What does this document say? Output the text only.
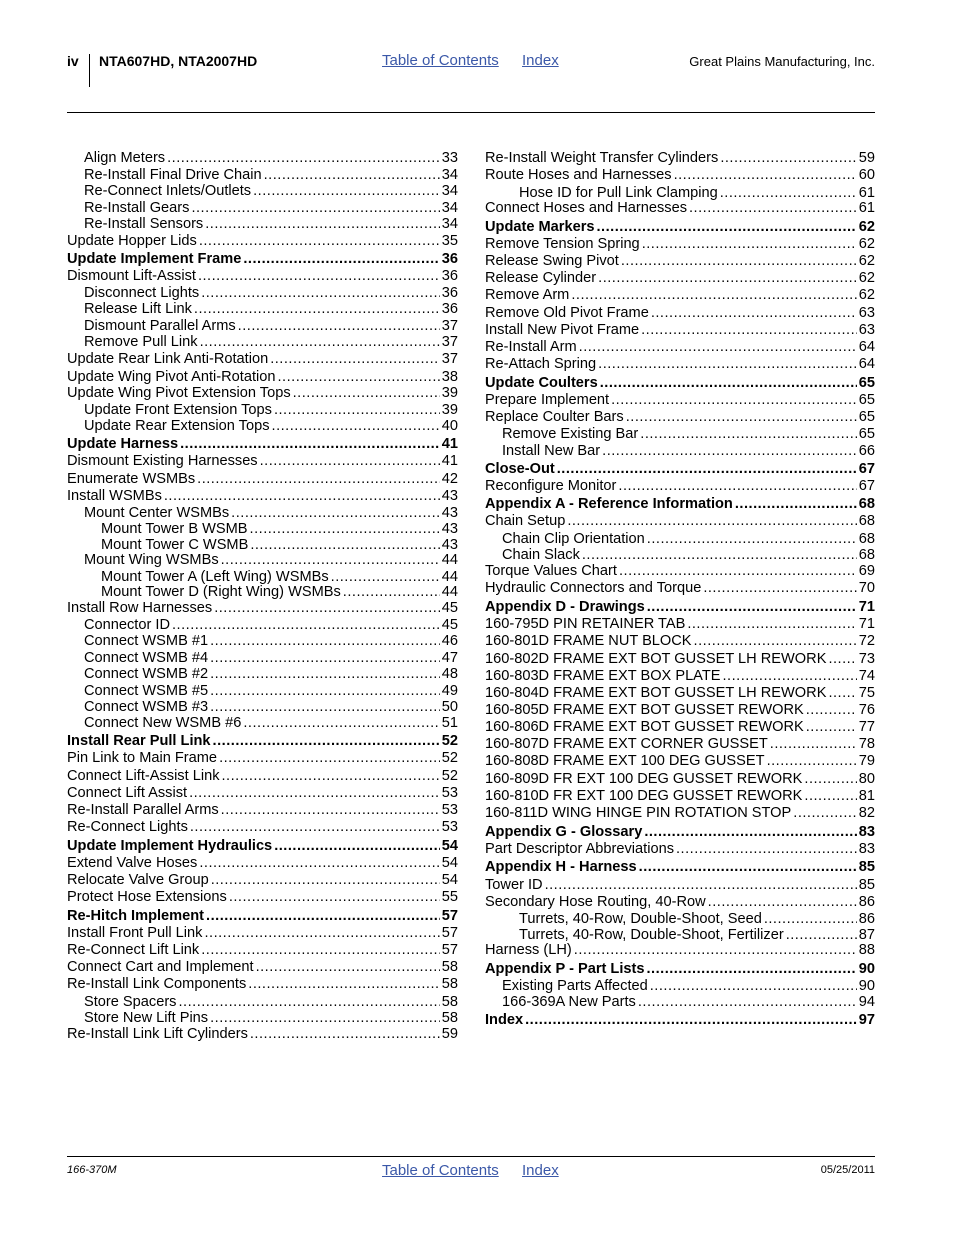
iv NTA607HD, NTA2007HD	Table of Contents Index	Great Plains Manufacturing, Inc.
Align Meters .....	33
Re-Install Final Drive Chain .....	34
Re-Connect Inlets/Outlets .....	34
Re-Install Gears .....	34
Re-Install Sensors .....	34
Update Hopper Lids .....	35
Update Implement Frame .....	36
Dismount Lift-Assist .....	36
Disconnect Lights .....	36
Release Lift Link .....	36
Dismount Parallel Arms .....	37
Remove Pull Link .....	37
Update Rear Link Anti-Rotation .....	37
Update Wing Pivot Anti-Rotation .....	38
Update Wing Pivot Extension Tops .....	39
Update Front Extension Tops .....	39
Update Rear Extension Tops .....	40
Update Harness .....	41
Dismount Existing Harnesses .....	41
Enumerate WSMBs .....	42
Install WSMBs .....	43
Mount Center WSMBs .....	43
Mount Tower B WSMB .....	43
Mount Tower C WSMB .....	43
Mount Wing WSMBs .....	44
Mount Tower A (Left Wing) WSMBs .....	44
Mount Tower D (Right Wing) WSMBs .....	44
Install Row Harnesses .....	45
Connector ID .....	45
Connect WSMB #1 .....	46
Connect WSMB #4 .....	47
Connect WSMB #2 .....	48
Connect WSMB #5 .....	49
Connect WSMB #3 .....	50
Connect New WSMB #6 .....	51
Install Rear Pull Link .....	52
Pin Link to Main Frame .....	52
Connect Lift-Assist Link .....	52
Connect Lift Assist .....	53
Re-Install Parallel Arms .....	53
Re-Connect Lights .....	53
Update Implement Hydraulics .....	54
Extend Valve Hoses .....	54
Relocate Valve Group .....	54
Protect Hose Extensions .....	55
Re-Hitch Implement .....	57
Install Front Pull Link .....	57
Re-Connect Lift Link .....	57
Connect Cart and Implement .....	58
Re-Install Link Components .....	58
Store Spacers .....	58
Store New Lift Pins .....	58
Re-Install Link Lift Cylinders .....	59
Re-Install Weight Transfer Cylinders .....	59
Route Hoses and Harnesses .....	60
Hose ID for Pull Link Clamping .....	61
Connect Hoses and Harnesses .....	61
Update Markers .....	62
Remove Tension Spring .....	62
Release Swing Pivot .....	62
Release Cylinder .....	62
Remove Arm .....	62
Remove Old Pivot Frame .....	63
Install New Pivot Frame .....	63
Re-Install Arm .....	64
Re-Attach Spring .....	64
Update Coulters .....	65
Prepare Implement .....	65
Replace Coulter Bars .....	65
Remove Existing Bar .....	65
Install New Bar .....	66
Close-Out .....	67
Reconfigure Monitor .....	67
Appendix A - Reference Information .....	68
Chain Setup .....	68
Chain Clip Orientation .....	68
Chain Slack .....	68
Torque Values Chart .....	69
Hydraulic Connectors and Torque .....	70
Appendix D - Drawings .....	71
160-795D PIN RETAINER TAB .....	71
160-801D FRAME NUT BLOCK .....	72
160-802D FRAME EXT BOT GUSSET LH REWORK ..... 73
160-803D FRAME EXT BOX PLATE .....	74
160-804D FRAME EXT BOT GUSSET LH REWORK ..... 75
160-805D FRAME EXT BOT GUSSET REWORK .....	76
160-806D FRAME EXT BOT GUSSET REWORK .....	77
160-807D FRAME EXT CORNER GUSSET .....	78
160-808D FRAME EXT 100 DEG GUSSET .....	79
160-809D FR EXT 100 DEG GUSSET REWORK .....	80
160-810D FR EXT 100 DEG GUSSET REWORK .....	81
160-811D WING HINGE PIN ROTATION STOP .....	82
Appendix G - Glossary .....	83
Part Descriptor Abbreviations .....	83
Appendix H - Harness .....	85
Tower ID .....	85
Secondary Hose Routing, 40-Row .....	86
Turrets, 40-Row, Double-Shoot, Seed .....	86
Turrets, 40-Row, Double-Shoot, Fertilizer .....	87
Harness (LH) .....	88
Appendix P - Part Lists .....	90
Existing Parts Affected .....	90
166-369A New Parts .....	94
Index .....	97
166-370M	Table of Contents Index	05/25/2011
